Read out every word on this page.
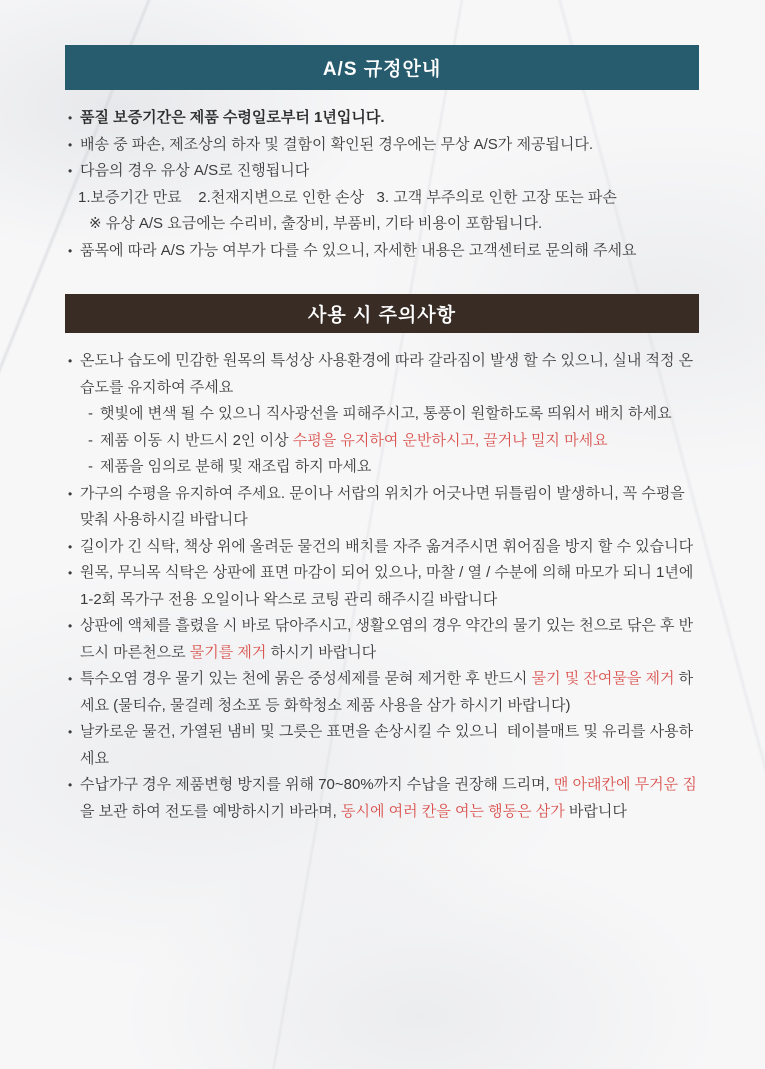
A/S 규정안내
• 품질 보증기간은 제품 수령일로부터 1년입니다.
• 배송 중 파손, 제조상의 하자 및 결함이 확인된 경우에는 무상 A/S가 제공됩니다.
• 다음의 경우 유상 A/S로 진행됩니다
1.보증기간 만료    2.천재지변으로 인한 손상   3. 고객 부주의로 인한 고장 또는 파손
※ 유상 A/S 요금에는 수리비, 출장비, 부품비, 기타 비용이 포함됩니다.
• 품목에 따라 A/S 가능 여부가 다를 수 있으니, 자세한 내용은 고객센터로 문의해 주세요
사용 시 주의사항
• 온도나 습도에 민감한 원목의 특성상 사용환경에 따라 갈라짐이 발생 할 수 있으니, 실내 적정 온습도를 유지하여 주세요
- 햇빛에 변색 될 수 있으니 직사광선을 피해주시고, 통풍이 원할하도록 띄워서 배치 하세요
- 제품 이동 시 반드시 2인 이상 수평을 유지하여 운반하시고, 끌거나 밀지 마세요
- 제품을 임의로 분해 및 재조립 하지 마세요
• 가구의 수평을 유지하여 주세요. 문이나 서랍의 위치가 어긋나면 뒤틀림이 발생하니, 꼭 수평을 맞춰 사용하시길 바랍니다
• 길이가 긴 식탁, 책상 위에 올려둔 물건의 배치를 자주 옮겨주시면 휘어짐을 방지 할 수 있습니다
• 원목, 무늬목 식탁은 상판에 표면 마감이 되어 있으나, 마찰 / 열 / 수분에 의해 마모가 되니 1년에 1-2회 목가구 전용 오일이나 왁스로 코팅 관리 해주시길 바랍니다
• 상판에 액체를 흘렸을 시 바로 닦아주시고, 생활오염의 경우 약간의 물기 있는 천으로 닦은 후 반드시 마른천으로 물기를 제거 하시기 바랍니다
• 특수오염 경우 물기 있는 천에 묽은 중성세제를 묻혀 제거한 후 반드시 물기 및 잔여물을 제거 하세요 (물티슈, 물걸레 청소포 등 화학청소 제품 사용을 삼가 하시기 바랍니다)
• 날카로운 물건, 가열된 냄비 및 그릇은 표면을 손상시킬 수 있으니  테이블매트 및 유리를 사용하세요
• 수납가구 경우 제품변형 방지를 위해 70~80%까지 수납을 권장해 드리며, 맨 아래칸에 무거운 짐을 보관 하여 전도를 예방하시기 바라며, 동시에 여러 칸을 여는 행동은 삼가 바랍니다
